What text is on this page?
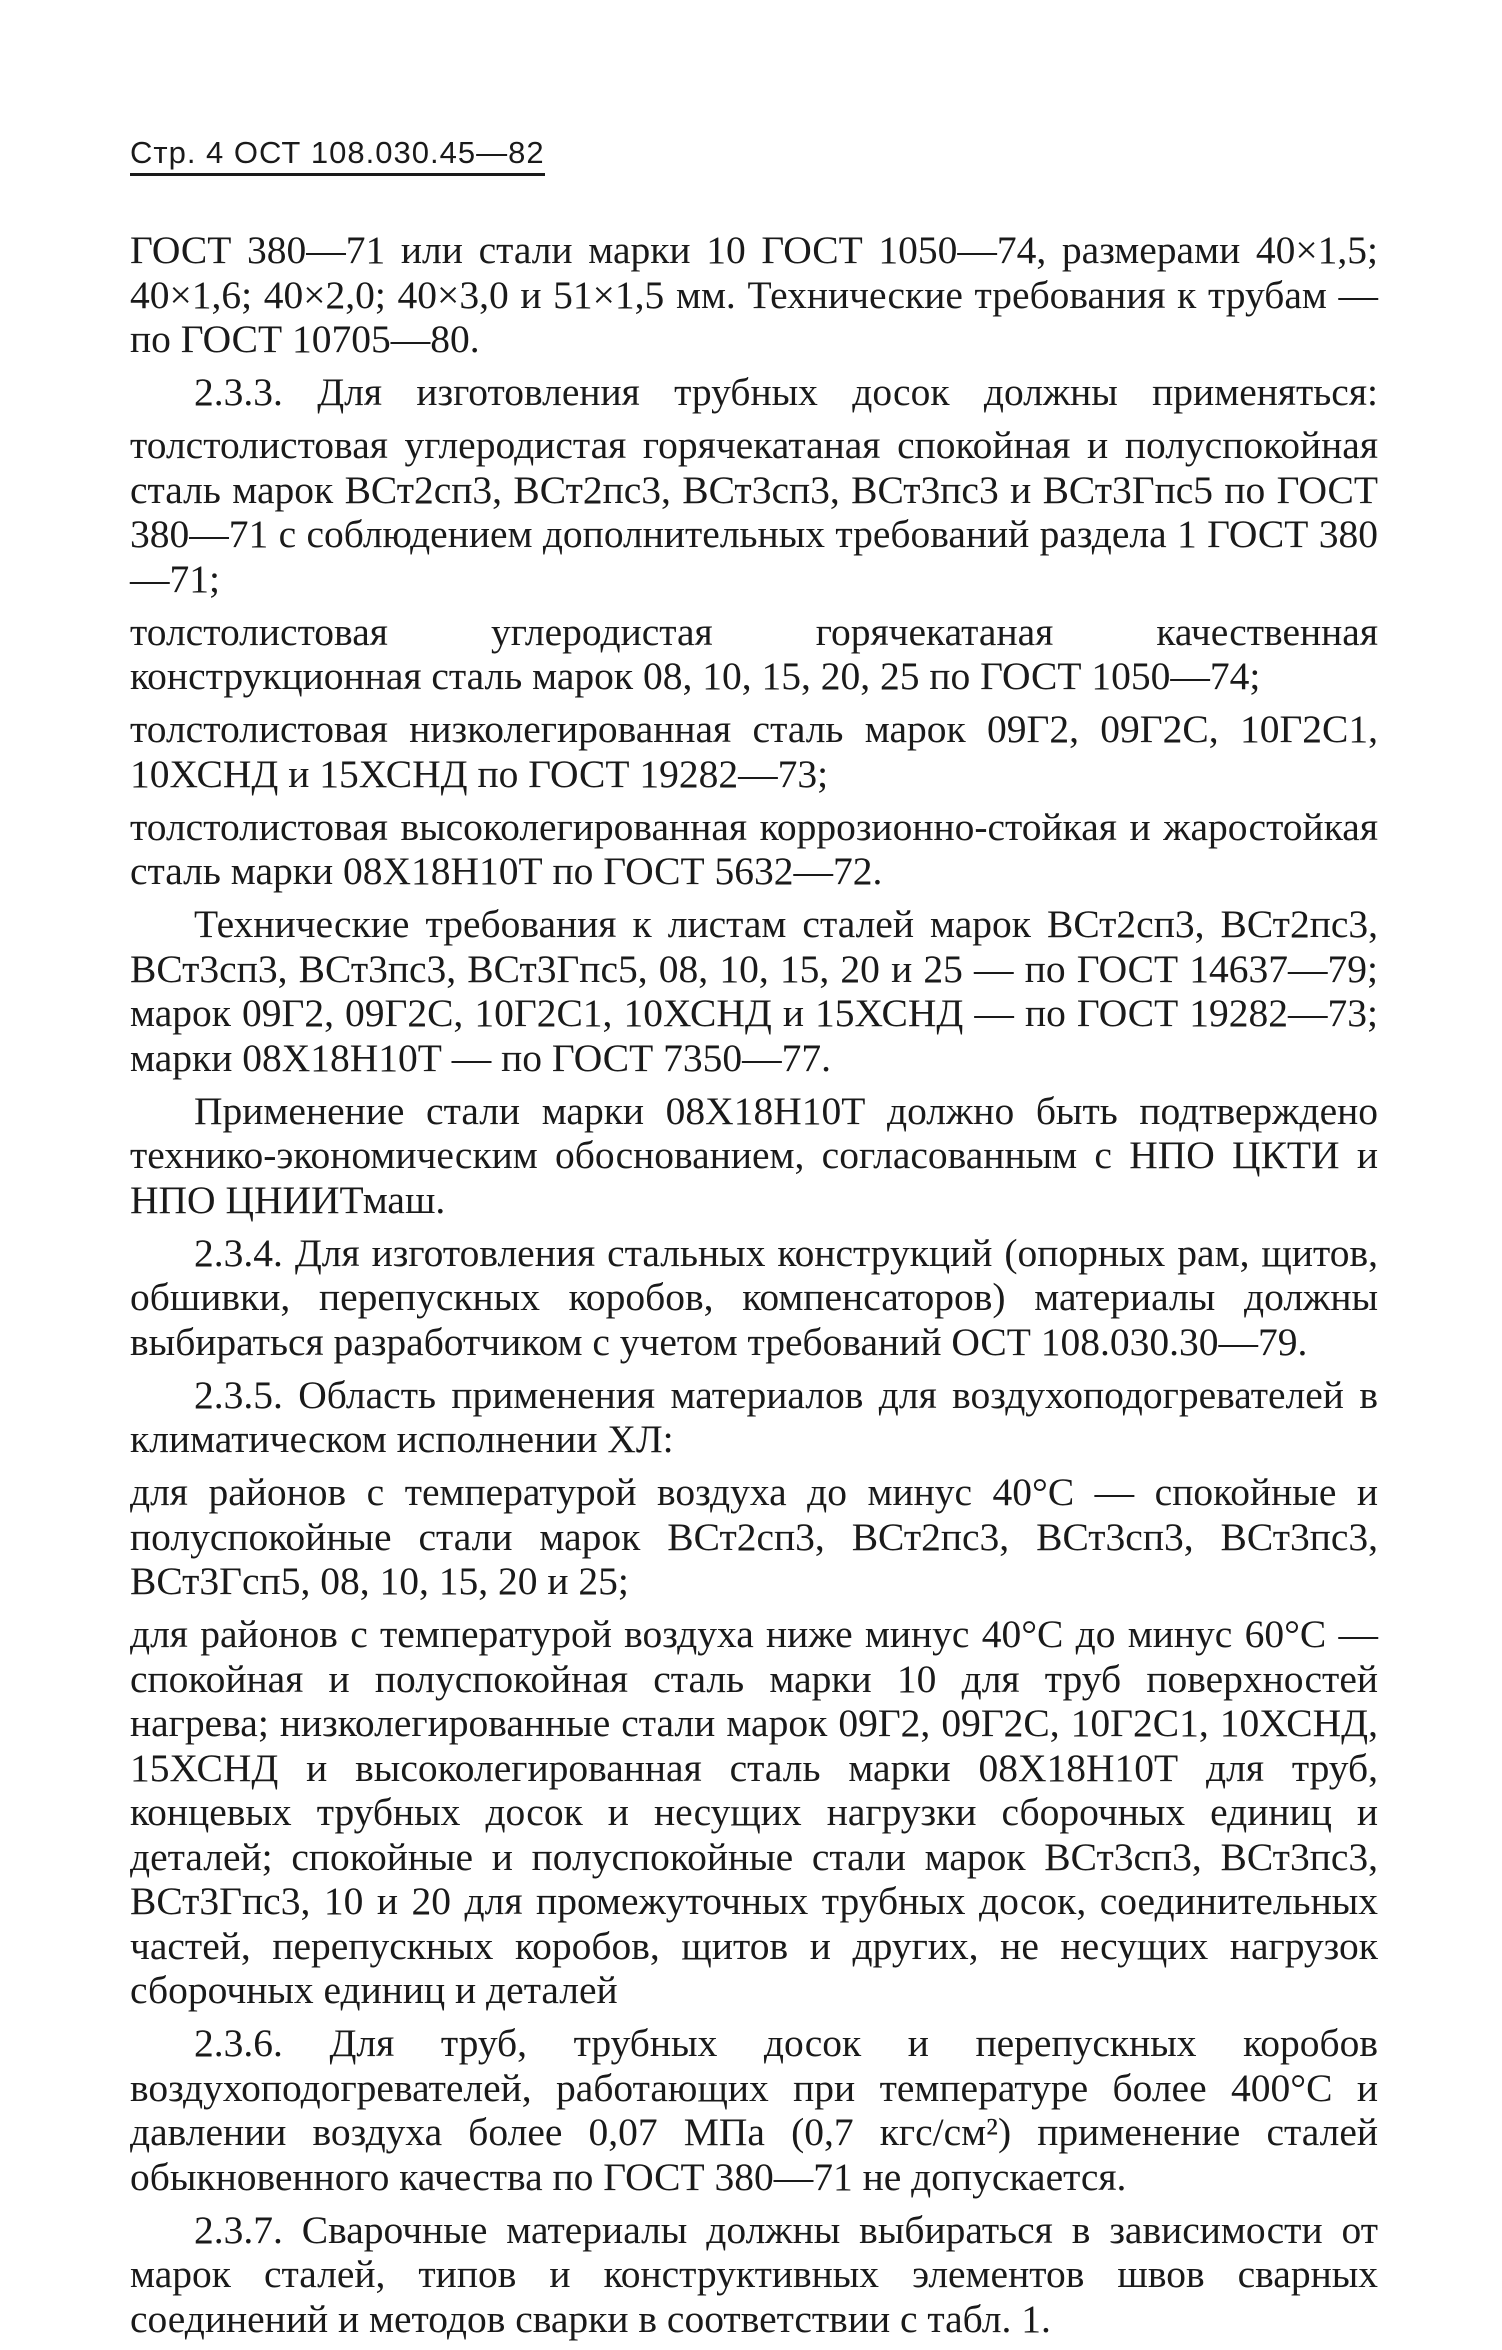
Стр. 4 ОСТ 108.030.45—82

ГОСТ 380—71 или стали марки 10 ГОСТ 1050—74, размерами 40×1,5; 40×1,6; 40×2,0; 40×3,0 и 51×1,5 мм. Технические требования к трубам — по ГОСТ 10705—80.

2.3.3. Для изготовления трубных досок должны применяться:

толстолистовая углеродистая горячекатаная спокойная и полуспокойная сталь марок ВСт2сп3, ВСт2пс3, ВСт3сп3, ВСт3пс3 и ВСт3Гпс5 по ГОСТ 380—71 с соблюдением дополнительных требований раздела 1 ГОСТ 380—71;

толстолистовая углеродистая горячекатаная качественная конструкционная сталь марок 08, 10, 15, 20, 25 по ГОСТ 1050—74;

толстолистовая низколегированная сталь марок 09Г2, 09Г2С, 10Г2С1, 10ХСНД и 15ХСНД по ГОСТ 19282—73;

толстолистовая высоколегированная коррозионно-стойкая и жаростойкая сталь марки 08Х18Н10Т по ГОСТ 5632—72.

Технические требования к листам сталей марок ВСт2сп3, ВСт2пс3, ВСт3сп3, ВСт3пс3, ВСт3Гпс5, 08, 10, 15, 20 и 25 — по ГОСТ 14637—79; марок 09Г2, 09Г2С, 10Г2С1, 10ХСНД и 15ХСНД — по ГОСТ 19282—73; марки 08Х18Н10Т — по ГОСТ 7350—77.

Применение стали марки 08Х18Н10Т должно быть подтверждено технико-экономическим обоснованием, согласованным с НПО ЦКТИ и НПО ЦНИИТмаш.

2.3.4. Для изготовления стальных конструкций (опорных рам, щитов, обшивки, перепускных коробов, компенсаторов) материалы должны выбираться разработчиком с учетом требований ОСТ 108.030.30—79.

2.3.5. Область применения материалов для воздухоподогревателей в климатическом исполнении ХЛ:

для районов с температурой воздуха до минус 40°С — спокойные и полуспокойные стали марок ВСт2сп3, ВСт2пс3, ВСт3сп3, ВСт3пс3, ВСт3Гсп5, 08, 10, 15, 20 и 25;

для районов с температурой воздуха ниже минус 40°С до минус 60°С — спокойная и полуспокойная сталь марки 10 для труб поверхностей нагрева; низколегированные стали марок 09Г2, 09Г2С, 10Г2С1, 10ХСНД, 15ХСНД и высоколегированная сталь марки 08Х18Н10Т для труб, концевых трубных досок и несущих нагрузки сборочных единиц и деталей; спокойные и полуспокойные стали марок ВСт3сп3, ВСт3пс3, ВСт3Гпс3, 10 и 20 для промежуточных трубных досок, соединительных частей, перепускных коробов, щитов и других, не несущих нагрузок сборочных единиц и деталей

2.3.6. Для труб, трубных досок и перепускных коробов воздухоподогревателей, работающих при температуре более 400°С и давлении воздуха более 0,07 МПа (0,7 кгс/см²) применение сталей обыкновенного качества по ГОСТ 380—71 не допускается.

2.3.7. Сварочные материалы должны выбираться в зависимости от марок сталей, типов и конструктивных элементов швов сварных соединений и методов сварки в соответствии с табл. 1.
